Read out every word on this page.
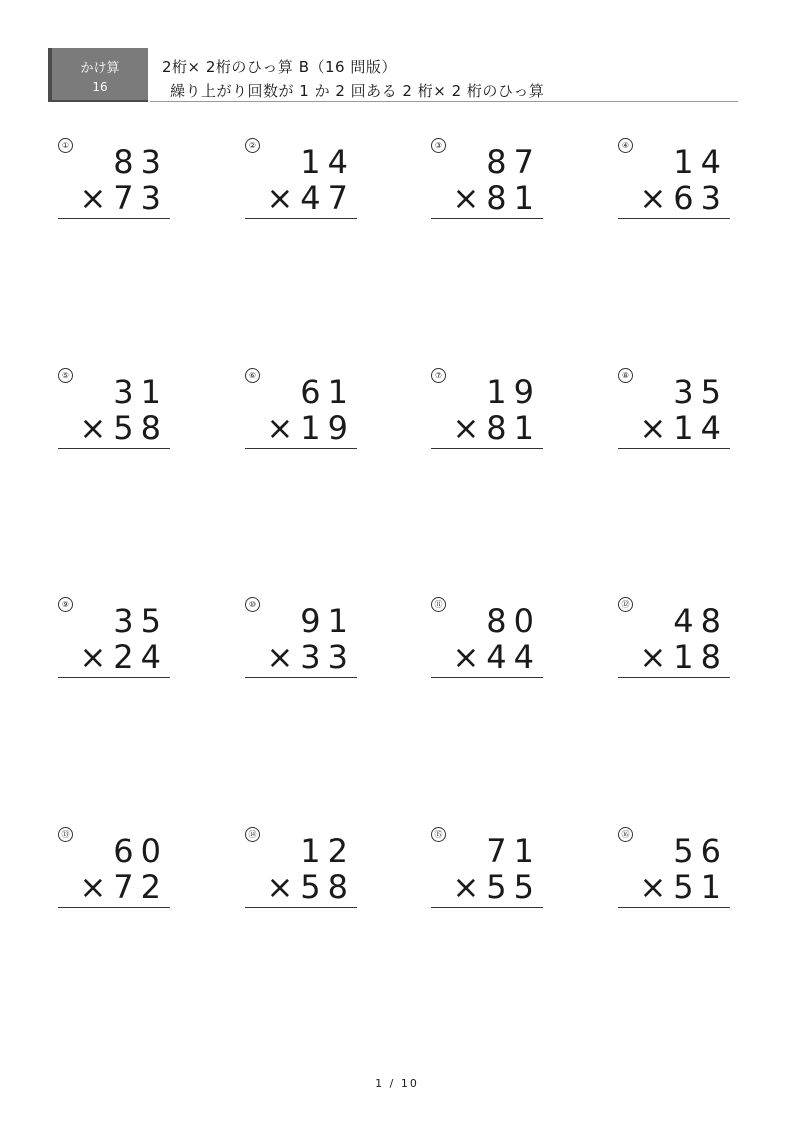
かけ算
16
2桁× 2桁のひっ算 B（16 問版）
繰り上がり回数が 1 か 2 回ある 2 桁× 2 桁のひっ算
① 83
×73
② 14
×47
③ 87
×81
④ 14
×63
⑤ 31
×58
⑥ 61
×19
⑦ 19
×81
⑧ 35
×14
⑨ 35
×24
⑩ 91
×33
⑪ 80
×44
⑫ 48
×18
⑬ 60
×72
⑭ 12
×58
⑮ 71
×55
⑯ 56
×51
1 / 10
